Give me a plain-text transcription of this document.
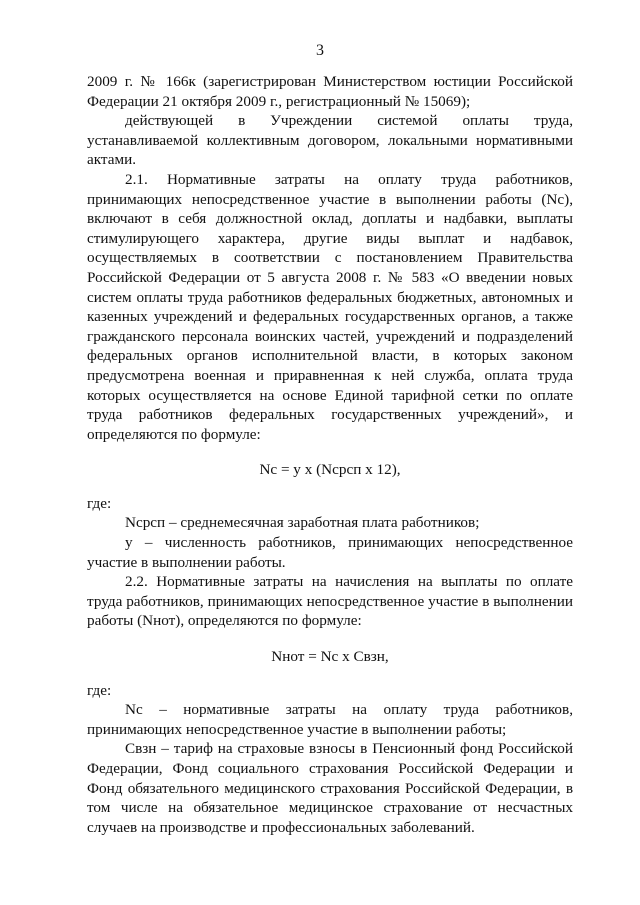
3

2009 г. № 166к (зарегистрирован Министерством юстиции Российской Федерации 21 октября 2009 г., регистрационный № 15069);

действующей в Учреждении системой оплаты труда, устанавливаемой коллективным договором, локальными нормативными актами.

2.1. Нормативные затраты на оплату труда работников, принимающих непосредственное участие в выполнении работы (Nc), включают в себя должностной оклад, доплаты и надбавки, выплаты стимулирующего характера, другие виды выплат и надбавок, осуществляемых в соответствии с постановлением Правительства Российской Федерации от 5 августа 2008 г. № 583 «О введении новых систем оплаты труда работников федеральных бюджетных, автономных и казенных учреждений и федеральных государственных органов, а также гражданского персонала воинских частей, учреждений и подразделений федеральных органов исполнительной власти, в которых законом предусмотрена военная и приравненная к ней служба, оплата труда которых осуществляется на основе Единой тарифной сетки по оплате труда работников федеральных государственных учреждений», и определяются по формуле:

Nc = y x (Nсрсп x 12),

где:

Nсрсп – среднемесячная заработная плата работников;

у – численность работников, принимающих непосредственное участие в выполнении работы.

2.2. Нормативные затраты на начисления на выплаты по оплате труда работников, принимающих непосредственное участие в выполнении работы (Nнот), определяются по формуле:

Nнот = Nc x Свзн,

где:

Nc – нормативные затраты на оплату труда работников, принимающих непосредственное участие в выполнении работы;

Свзн – тариф на страховые взносы в Пенсионный фонд Российской Федерации, Фонд социального страхования Российской Федерации и Фонд обязательного медицинского страхования Российской Федерации, в том числе на обязательное медицинское страхование от несчастных случаев на производстве и профессиональных заболеваний.
